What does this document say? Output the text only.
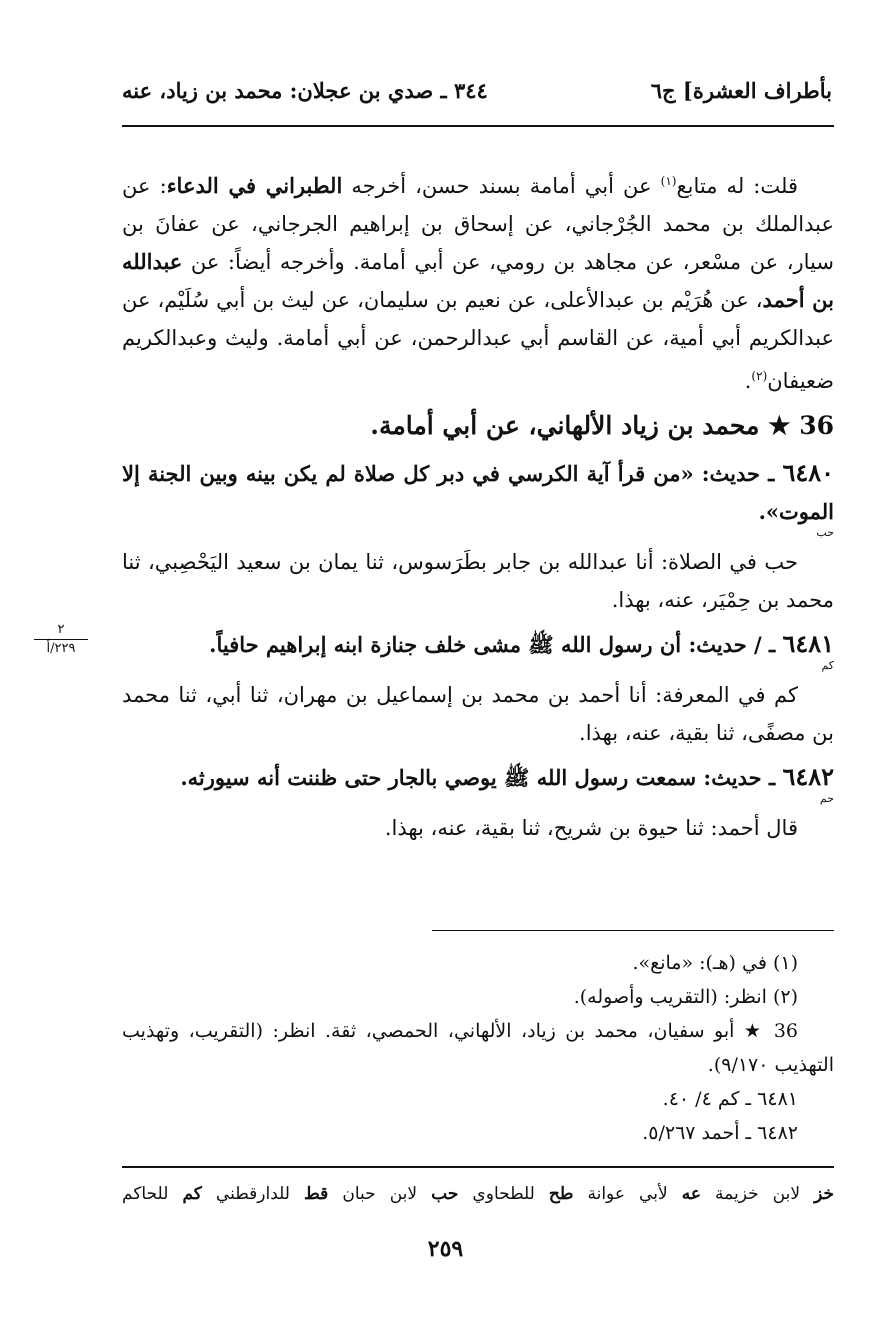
بأطراف العشرة] ج٦
٣٤٤ ـ صدي بن عجلان: محمد بن زياد، عنه

قلت: له متابع$^{(١)}$ عن أبي أمامة بسند حسن، أخرجه الطبراني في الدعاء: عن عبدالملك بن محمد الجُرْجاني، عن إسحاق بن إبراهيم الجرجاني، عن عفانَ بن سيار، عن مسْعر، عن مجاهد بن رومي، عن أبي أمامة. وأخرجه أيضاً: عن عبدالله بن أحمد، عن هُرَيْم بن عبدالأعلى، عن نعيم بن سليمان، عن ليث بن أبي سُلَيْم، عن عبدالكريم أبي أمية، عن القاسم أبي عبدالرحمن، عن أبي أمامة. وليث وعبدالكريم ضعيفان$^{(٢)}$.

36 ★ محمد بن زياد الألهاني، عن أبي أمامة.

٦٤٨٠ ـ حديث: «من قرأ آية الكرسي في دبر كل صلاة لم يكن بينه وبين الجنة إلا الموت».

حب

حب في الصلاة: أنا عبدالله بن جابر بطَرَسوس، ثنا يمان بن سعيد اليَحْصِبي، ثنا محمد بن حِمْيَر، عنه، بهذا.

٦٤٨١ ـ / حديث: أن رسول الله ﷺ مشى خلف جنازة ابنه إبراهيم حافياً.

كم

كم في المعرفة: أنا أحمد بن محمد بن إسماعيل بن مهران، ثنا أبي، ثنا محمد بن مصفًى، ثنا بقية، عنه، بهذا.

٦٤٨٢ ـ حديث: سمعت رسول الله ﷺ يوصي بالجار حتى ظننت أنه سيورثه.

حم

قال أحمد: ثنا حيوة بن شريح، ثنا بقية، عنه، بهذا.

٢
٢٢٩/أ

(١) في (هـ): «مانع».

(٢) انظر: (التقريب وأصوله).

36 ★ أبو سفيان، محمد بن زياد، الألهاني، الحمصي، ثقة. انظر: (التقريب، وتهذيب التهذيب ٩/١٧٠).

٦٤٨١ ـ كم ٤/ ٤٠.

٦٤٨٢ ـ أحمد ٥/٢٦٧.

خز لابن خزيمة عه لأبي عوانة طح للطحاوي حب لابن حبان قط للدارقطني كم للحاكم
٢٥٩
